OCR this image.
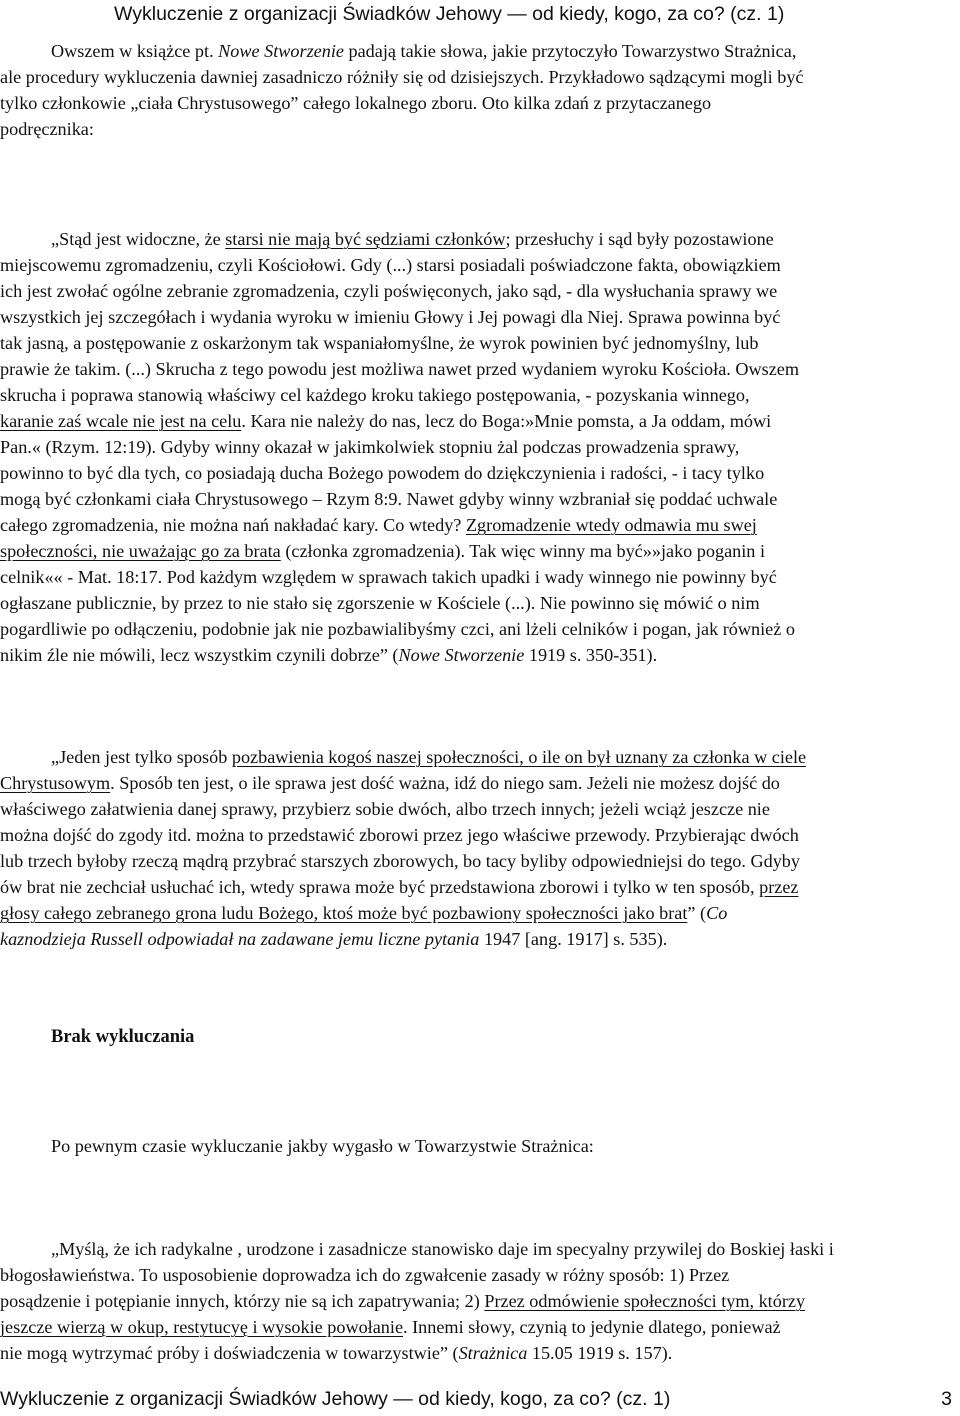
Wykluczenie z organizacji Świadków Jehowy — od kiedy, kogo, za co? (cz. 1)
Owszem w książce pt. Nowe Stworzenie padają takie słowa, jakie przytoczyło Towarzystwo Strażnica,
ale procedury wykluczenia dawniej zasadniczo różniły się od dzisiejszych. Przykładowo sądzącymi mogli być
tylko członkowie „ciała Chrystusowego” całego lokalnego zboru. Oto kilka zdań z przytaczanego
podręcznika:
„Stąd jest widoczne, że starsi nie mają być sędziami członków; przesłuchy i sąd były pozostawione
miejscowemu zgromadzeniu, czyli Kościołowi. Gdy (...) starsi posiadali poświadczone fakta, obowiązkiem
ich jest zwołać ogólne zebranie zgromadzenia, czyli poświęconych, jako sąd, - dla wysłuchania sprawy we
wszystkich jej szczegółach i wydania wyroku w imieniu Głowy i Jej powagi dla Niej. Sprawa powinna być
tak jasną, a postępowanie z oskarżonym tak wspaniałomyślne, że wyrok powinien być jednomyślny, lub
prawie że takim. (...) Skrucha z tego powodu jest możliwa nawet przed wydaniem wyroku Kościoła. Owszem
skrucha i poprawa stanowią właściwy cel każdego kroku takiego postępowania, - pozyskania winnego,
karanie zaś wcale nie jest na celu. Kara nie należy do nas, lecz do Boga:»Mnie pomsta, a Ja oddam, mówi
Pan.« (Rzym. 12:19). Gdyby winny okazał w jakimkolwiek stopniu żal podczas prowadzenia sprawy,
powinno to być dla tych, co posiadają ducha Bożego powodem do dziękczynienia i radości, - i tacy tylko
mogą być członkami ciała Chrystusowego – Rzym 8:9. Nawet gdyby winny wzbraniał się poddać uchwale
całego zgromadzenia, nie można nań nakładać kary. Co wtedy? Zgromadzenie wtedy odmawia mu swej
społeczności, nie uważając go za brata (członka zgromadzenia). Tak więc winny ma być»»jako poganin i
celnik«« - Mat. 18:17. Pod każdym względem w sprawach takich upadki i wady winnego nie powinny być
ogłaszane publicznie, by przez to nie stało się zgorszenie w Kościele (...). Nie powinno się mówić o nim
pogardliwie po odłączeniu, podobnie jak nie pozbawialibyśmy czci, ani lżeli celników i pogan, jak również o
nikim źle nie mówili, lecz wszystkim czynili dobrze” (Nowe Stworzenie 1919 s. 350-351).
„Jeden jest tylko sposób pozbawienia kogoś naszej społeczności, o ile on był uznany za członka w ciele
Chrystusowym. Sposób ten jest, o ile sprawa jest dość ważna, idź do niego sam. Jeżeli nie możesz dojść do
właściwego załatwienia danej sprawy, przybierz sobie dwóch, albo trzech innych; jeżeli wciąż jeszcze nie
można dojść do zgody itd. można to przedstawić zborowi przez jego właściwe przewody. Przybierając dwóch
lub trzech byłoby rzeczą mądrą przybrać starszych zborowych, bo tacy byliby odpowiedniejsi do tego. Gdyby
ów brat nie zechciał usłuchać ich, wtedy sprawa może być przedstawiona zborowi i tylko w ten sposób, przez
głosy całego zebranego grona ludu Bożego, ktoś może być pozbawiony społeczności jako brat” (Co
kaznodzieja Russell odpowiadał na zadawane jemu liczne pytania 1947 [ang. 1917] s. 535).
Brak wykluczania
Po pewnym czasie wykluczanie jakby wygasło w Towarzystwie Strażnica:
„Myślą, że ich radykalne , urodzone i zasadnicze stanowisko daje im specyalny przywilej do Boskiej łaski i
błogosławieństwa. To usposobienie doprowadza ich do zgwałcenie zasady w różny sposób: 1) Przez
posądzenie i potępianie innych, którzy nie są ich zapatrywania; 2) Przez odmówienie społeczności tym, którzy
jeszcze wierzą w okup, restytucyę i wysokie powołanie. Innemi słowy, czynią to jedynie dlatego, ponieważ
nie mogą wytrzymać próby i doświadczenia w towarzystwie” (Strażnica 15.05 1919 s. 157).
Wykluczenie z organizacji Świadków Jehowy — od kiedy, kogo, za co? (cz. 1)	3
